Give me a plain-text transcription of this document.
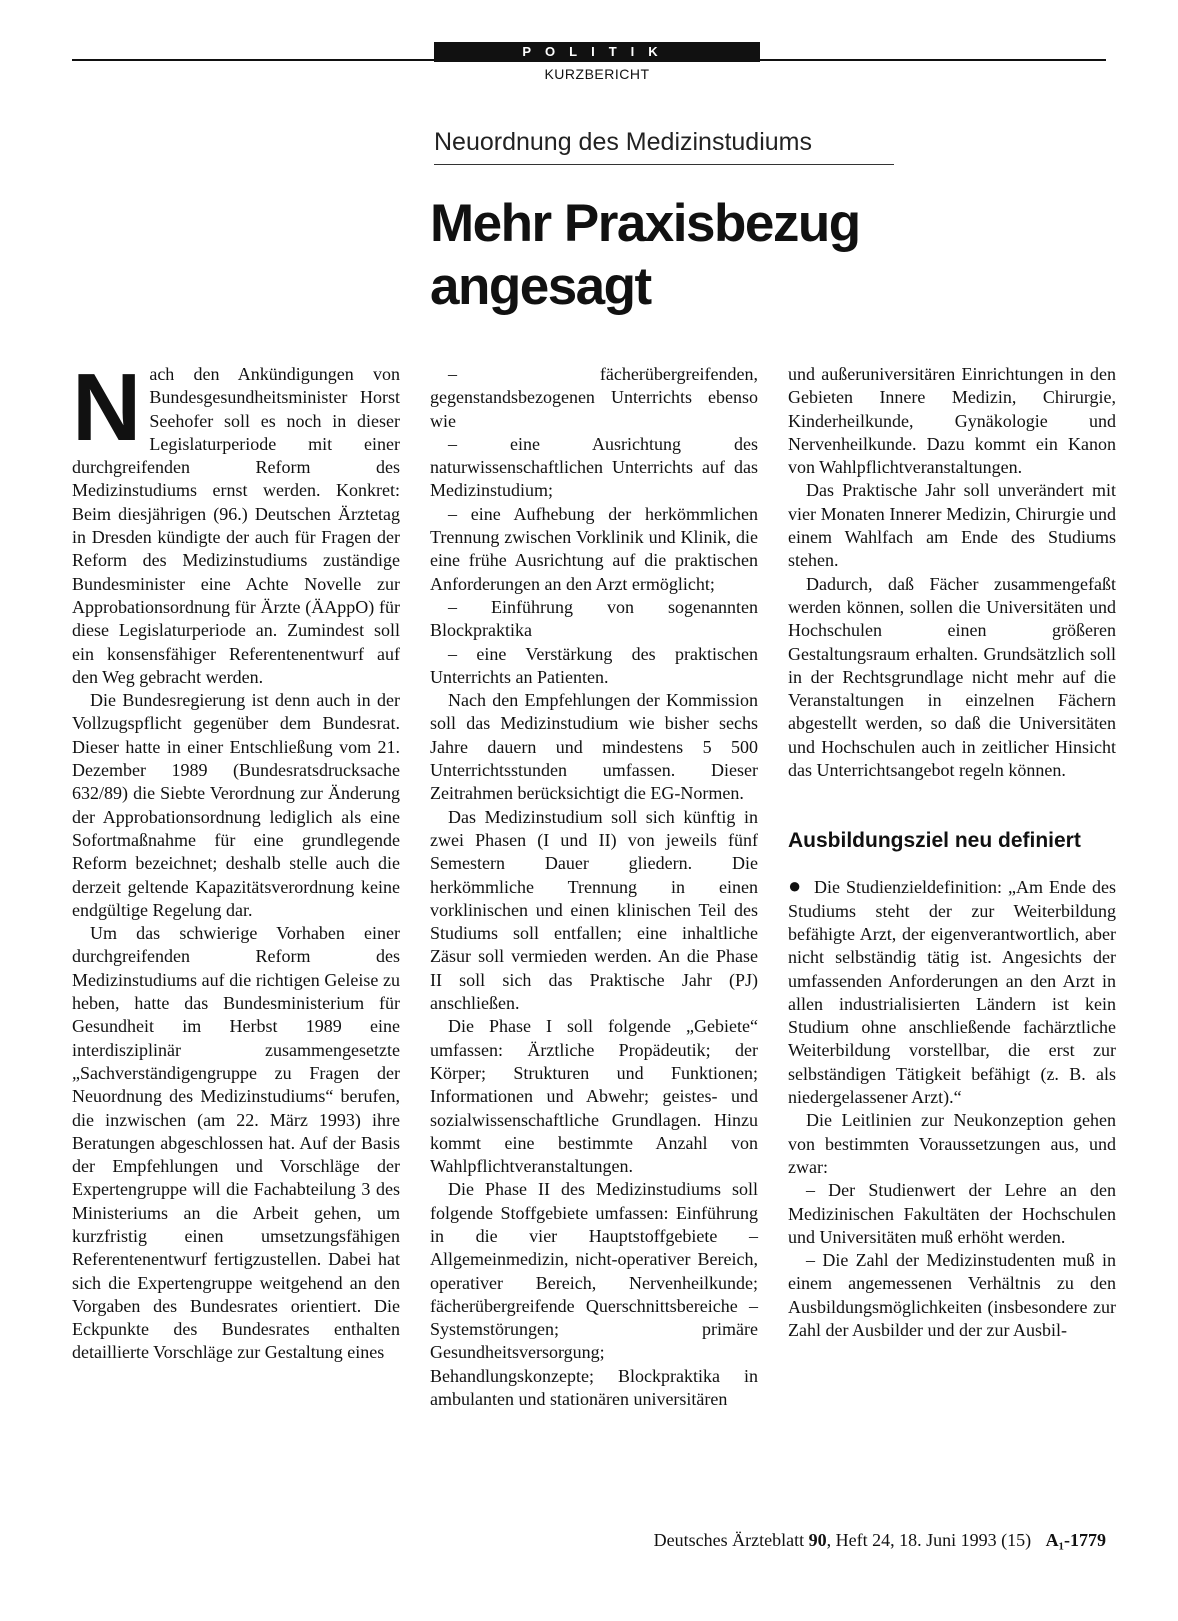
POLITIK
KURZBERICHT
Neuordnung des Medizinstudiums
Mehr Praxisbezug angesagt

Nach den Ankündigungen von Bundesgesundheitsminister Horst Seehofer soll es noch in dieser Legislaturperiode mit einer durchgreifenden Reform des Medizinstudiums ernst werden. Konkret: Beim diesjährigen (96.) Deutschen Ärztetag in Dresden kündigte der auch für Fragen der Reform des Medizinstudiums zuständige Bundesminister eine Achte Novelle zur Approbationsordnung für Ärzte (ÄAppO) für diese Legislaturperiode an. Zumindest soll ein konsensfähiger Referentenentwurf auf den Weg gebracht werden.

Die Bundesregierung ist denn auch in der Vollzugspflicht gegenüber dem Bundesrat. Dieser hatte in einer Entschließung vom 21. Dezember 1989 (Bundesratsdrucksache 632/89) die Siebte Verordnung zur Änderung der Approbationsordnung lediglich als eine Sofortmaßnahme für eine grundlegende Reform bezeichnet; deshalb stelle auch die derzeit geltende Kapazitätsverordnung keine endgültige Regelung dar.

Um das schwierige Vorhaben einer durchgreifenden Reform des Medizinstudiums auf die richtigen Geleise zu heben, hatte das Bundesministerium für Gesundheit im Herbst 1989 eine interdisziplinär zusammengesetzte „Sachverständigengruppe zu Fragen der Neuordnung des Medizinstudiums“ berufen, die inzwischen (am 22. März 1993) ihre Beratungen abgeschlossen hat. Auf der Basis der Empfehlungen und Vorschläge der Expertengruppe will die Fachabteilung 3 des Ministeriums an die Arbeit gehen, um kurzfristig einen umsetzungsfähigen Referentenentwurf fertigzustellen. Dabei hat sich die Expertengruppe weitgehend an den Vorgaben des Bundesrates orientiert. Die Eckpunkte des Bundesrates enthalten detaillierte Vorschläge zur Gestaltung eines

– fächerübergreifenden, gegenstandsbezogenen Unterrichts ebenso wie

– eine Ausrichtung des naturwissenschaftlichen Unterrichts auf das Medizinstudium;

– eine Aufhebung der herkömmlichen Trennung zwischen Vorklinik und Klinik, die eine frühe Ausrichtung auf die praktischen Anforderungen an den Arzt ermöglicht;

– Einführung von sogenannten Blockpraktika

– eine Verstärkung des praktischen Unterrichts an Patienten.

Nach den Empfehlungen der Kommission soll das Medizinstudium wie bisher sechs Jahre dauern und mindestens 5 500 Unterrichtsstunden umfassen. Dieser Zeitrahmen berücksichtigt die EG-Normen.

Das Medizinstudium soll sich künftig in zwei Phasen (I und II) von jeweils fünf Semestern Dauer gliedern. Die herkömmliche Trennung in einen vorklinischen und einen klinischen Teil des Studiums soll entfallen; eine inhaltliche Zäsur soll vermieden werden. An die Phase II soll sich das Praktische Jahr (PJ) anschließen.

Die Phase I soll folgende „Gebiete“ umfassen: Ärztliche Propädeutik; der Körper; Strukturen und Funktionen; Informationen und Abwehr; geistes- und sozialwissenschaftliche Grundlagen. Hinzu kommt eine bestimmte Anzahl von Wahlpflichtveranstaltungen.

Die Phase II des Medizinstudiums soll folgende Stoffgebiete umfassen: Einführung in die vier Hauptstoffgebiete – Allgemeinmedizin, nicht-operativer Bereich, operativer Bereich, Nervenheilkunde; fächerübergreifende Querschnittsbereiche – Systemstörungen; primäre Gesundheitsversorgung; Behandlungskonzepte; Blockpraktika in ambulanten und stationären universitären

und außeruniversitären Einrichtungen in den Gebieten Innere Medizin, Chirurgie, Kinderheilkunde, Gynäkologie und Nervenheilkunde. Dazu kommt ein Kanon von Wahlpflichtveranstaltungen.

Das Praktische Jahr soll unverändert mit vier Monaten Innerer Medizin, Chirurgie und einem Wahlfach am Ende des Studiums stehen.

Dadurch, daß Fächer zusammengefaßt werden können, sollen die Universitäten und Hochschulen einen größeren Gestaltungsraum erhalten. Grundsätzlich soll in der Rechtsgrundlage nicht mehr auf die Veranstaltungen in einzelnen Fächern abgestellt werden, so daß die Universitäten und Hochschulen auch in zeitlicher Hinsicht das Unterrichtsangebot regeln können.

Ausbildungsziel neu definiert

● Die Studienzieldefinition: „Am Ende des Studiums steht der zur Weiterbildung befähigte Arzt, der eigenverantwortlich, aber nicht selbständig tätig ist. Angesichts der umfassenden Anforderungen an den Arzt in allen industrialisierten Ländern ist kein Studium ohne anschließende fachärztliche Weiterbildung vorstellbar, die erst zur selbständigen Tätigkeit befähigt (z. B. als niedergelassener Arzt).“

Die Leitlinien zur Neukonzeption gehen von bestimmten Voraussetzungen aus, und zwar:

– Der Studienwert der Lehre an den Medizinischen Fakultäten der Hochschulen und Universitäten muß erhöht werden.

– Die Zahl der Medizinstudenten muß in einem angemessenen Verhältnis zu den Ausbildungsmöglichkeiten (insbesondere zur Zahl der Ausbilder und der zur Ausbil-

Deutsches Ärzteblatt 90, Heft 24, 18. Juni 1993 (15) A₁-1779
